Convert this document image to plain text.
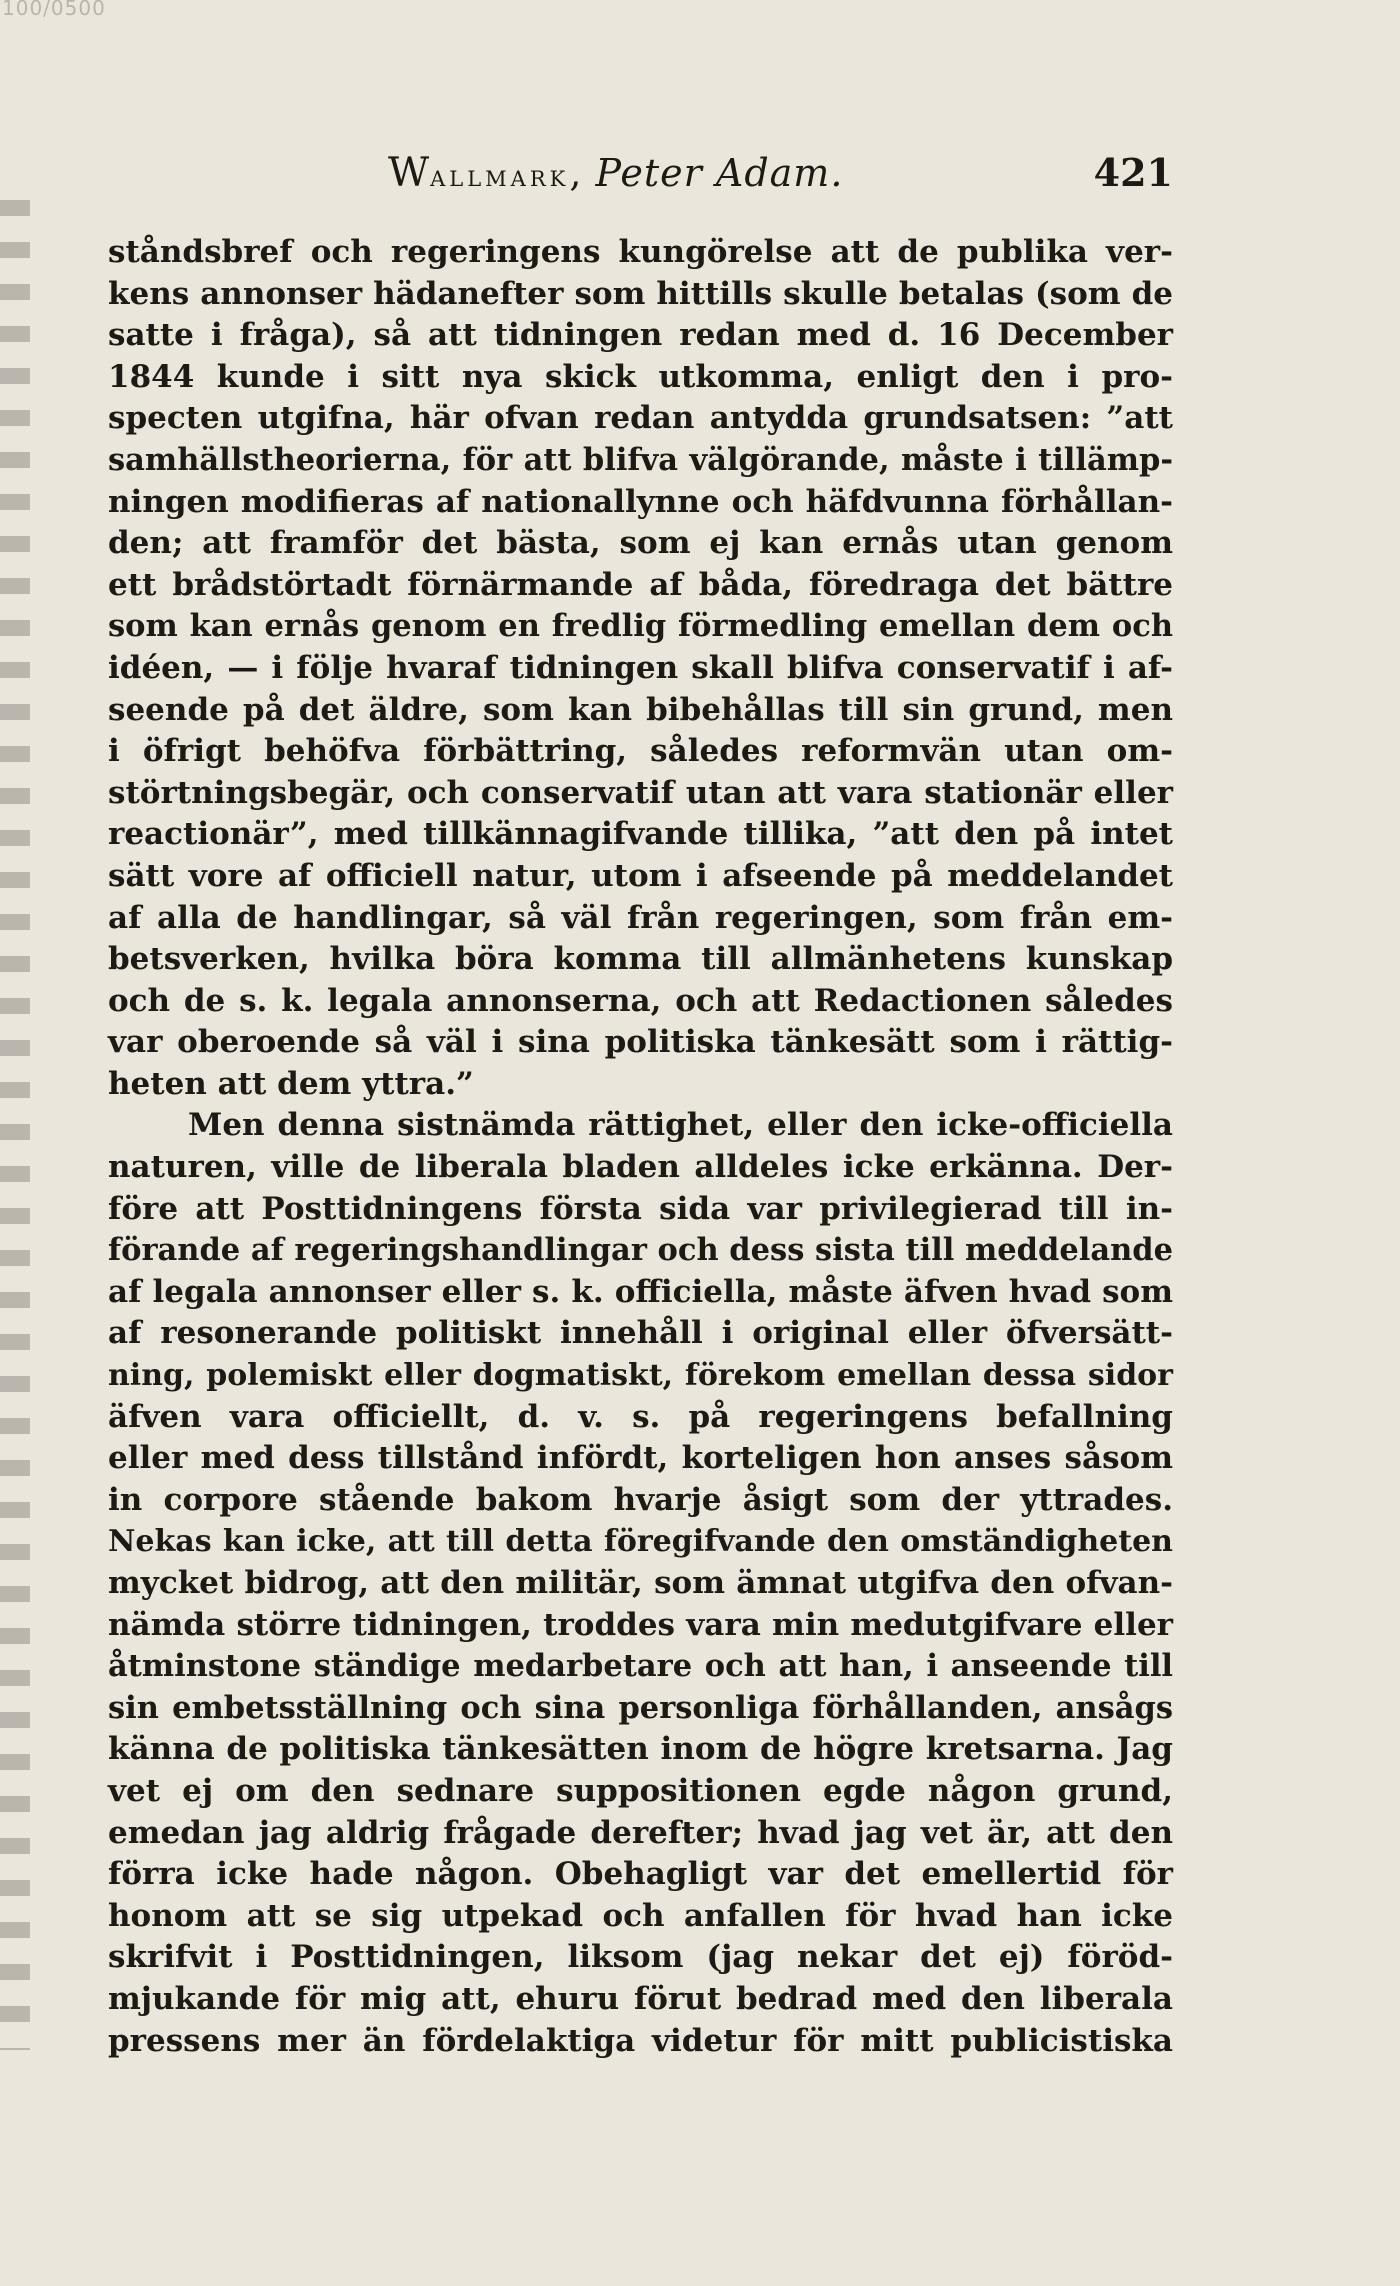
100/0500
Wallmark, Peter Adam.	421
ståndsbref och regeringens kungörelse att de publika ver-
kens annonser hädanefter som hittills skulle betalas (som de
satte i fråga), så att tidningen redan med d. 16 December
1844 kunde i sitt nya skick utkomma, enligt den i pro-
specten utgifna, här ofvan redan antydda grundsatsen: ”att
samhällstheorierna, för att blifva välgörande, måste i tillämp-
ningen modifieras af nationallynne och häfdvunna förhållan-
den; att framför det bästa, som ej kan ernås utan genom
ett brådstörtadt förnärmande af båda, föredraga det bättre
som kan ernås genom en fredlig förmedling emellan dem och
idéen, — i följe hvaraf tidningen skall blifva conservatif i af-
seende på det äldre, som kan bibehållas till sin grund, men
i öfrigt behöfva förbättring, således reformvän utan om-
störtningsbegär, och conservatif utan att vara stationär eller
reactionär”, med tillkännagifvande tillika, ”att den på intet
sätt vore af officiell natur, utom i afseende på meddelandet
af alla de handlingar, så väl från regeringen, som från em-
betsverken, hvilka böra komma till allmänhetens kunskap
och de s. k. legala annonserna, och att Redactionen således
var oberoende så väl i sina politiska tänkesätt som i rättig-
heten att dem yttra.”
Men denna sistnämda rättighet, eller den icke-officiella
naturen, ville de liberala bladen alldeles icke erkänna. Der-
före att Posttidningens första sida var privilegierad till in-
förande af regeringshandlingar och dess sista till meddelande
af legala annonser eller s. k. officiella, måste äfven hvad som
af resonerande politiskt innehåll i original eller öfversätt-
ning, polemiskt eller dogmatiskt, förekom emellan dessa sidor
äfven vara officiellt, d. v. s. på regeringens befallning
eller med dess tillstånd infördt, korteligen hon anses såsom
in corpore stående bakom hvarje åsigt som der yttrades.
Nekas kan icke, att till detta föregifvande den omständigheten
mycket bidrog, att den militär, som ämnat utgifva den ofvan-
nämda större tidningen, troddes vara min medutgifvare eller
åtminstone ständige medarbetare och att han, i anseende till
sin embetsställning och sina personliga förhållanden, ansågs
känna de politiska tänkesätten inom de högre kretsarna. Jag
vet ej om den sednare suppositionen egde någon grund,
emedan jag aldrig frågade derefter; hvad jag vet är, att den
förra icke hade någon. Obehagligt var det emellertid för
honom att se sig utpekad och anfallen för hvad han icke
skrifvit i Posttidningen, liksom (jag nekar det ej) föröd-
mjukande för mig att, ehuru förut bedrad med den liberala
pressens mer än fördelaktiga videtur för mitt publicistiska
